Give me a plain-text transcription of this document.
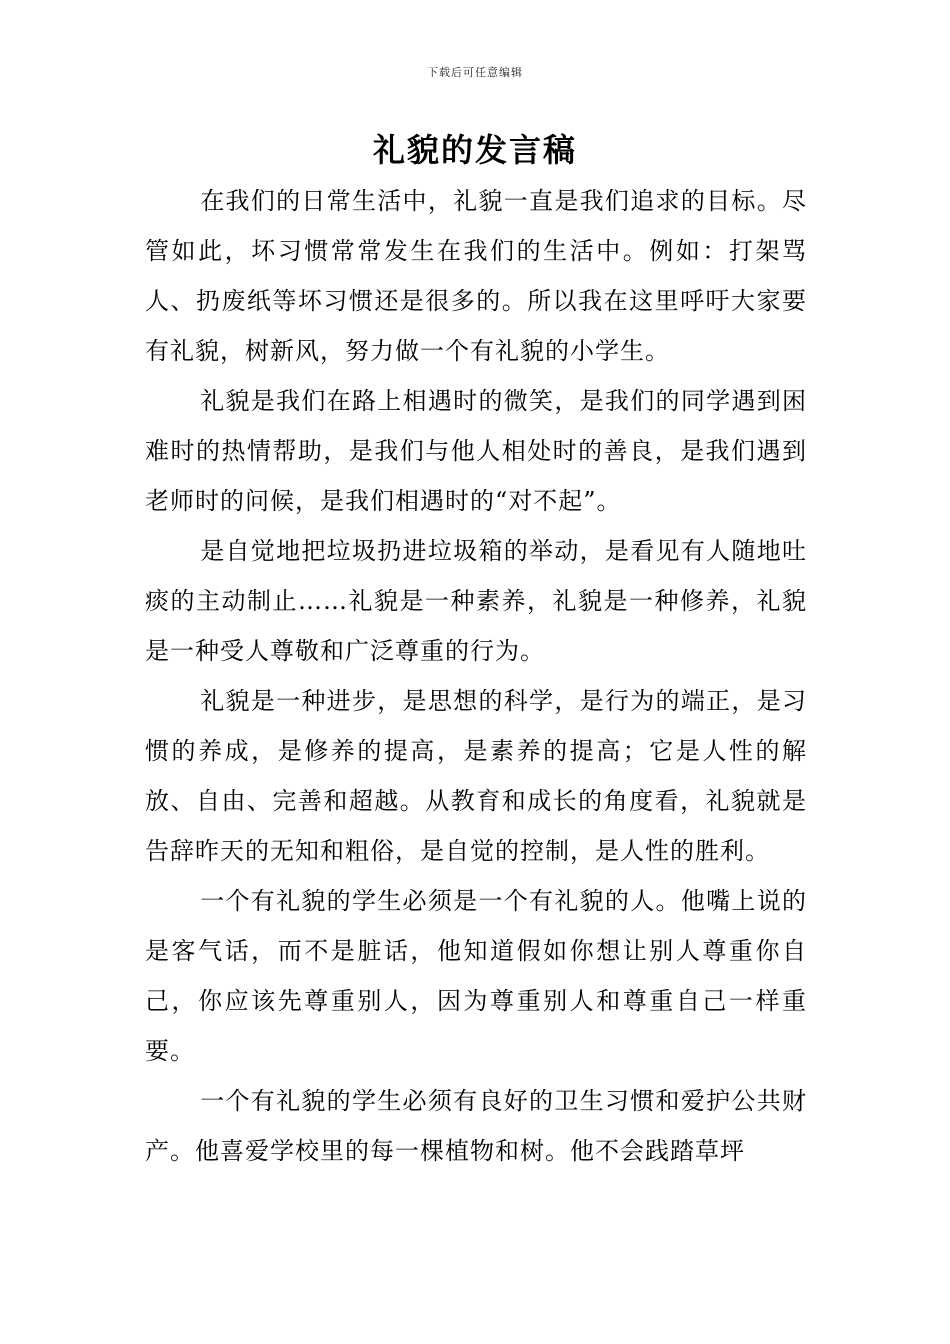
下载后可任意编辑
礼貌的发言稿

在我们的日常生活中，礼貌一直是我们追求的目标。尽管如此，坏习惯常常发生在我们的生活中。例如：打架骂人、扔废纸等坏习惯还是很多的。所以我在这里呼吁大家要有礼貌，树新风，努力做一个有礼貌的小学生。

礼貌是我们在路上相遇时的微笑，是我们的同学遇到困难时的热情帮助，是我们与他人相处时的善良，是我们遇到老师时的问候，是我们相遇时的“对不起”。

是自觉地把垃圾扔进垃圾箱的举动，是看见有人随地吐痰的主动制止……礼貌是一种素养，礼貌是一种修养，礼貌是一种受人尊敬和广泛尊重的行为。

礼貌是一种进步，是思想的科学，是行为的端正，是习惯的养成，是修养的提高，是素养的提高；它是人性的解放、自由、完善和超越。从教育和成长的角度看，礼貌就是告辞昨天的无知和粗俗，是自觉的控制，是人性的胜利。

一个有礼貌的学生必须是一个有礼貌的人。他嘴上说的是客气话，而不是脏话，他知道假如你想让别人尊重你自己，你应该先尊重别人，因为尊重别人和尊重自己一样重要。

一个有礼貌的学生必须有良好的卫生习惯和爱护公共财产。他喜爱学校里的每一棵植物和树。他不会践踏草坪
